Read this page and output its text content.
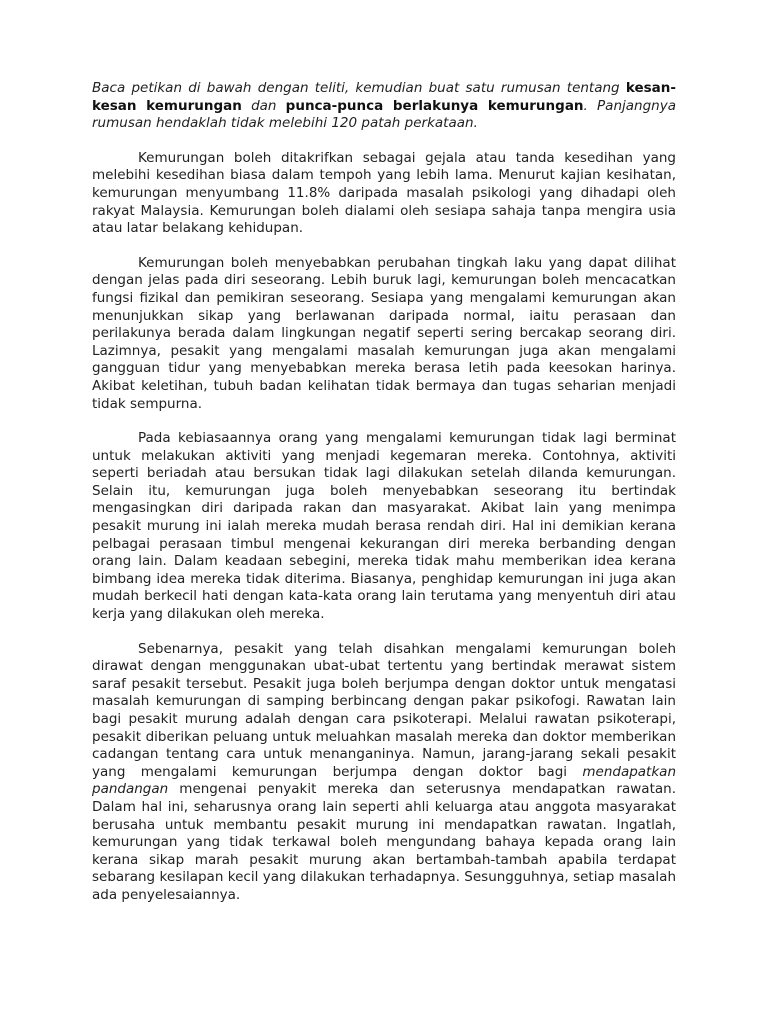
Baca petikan di bawah dengan teliti, kemudian buat satu rumusan tentang kesan-kesan kemurungan dan punca-punca berlakunya kemurungan. Panjangnya rumusan hendaklah tidak melebihi 120 patah perkataan.

Kemurungan boleh ditakrifkan sebagai gejala atau tanda kesedihan yang melebihi kesedihan biasa dalam tempoh yang lebih lama. Menurut kajian kesihatan, kemurungan menyumbang 11.8% daripada masalah psikologi yang dihadapi oleh rakyat Malaysia. Kemurungan boleh dialami oleh sesiapa sahaja tanpa mengira usia atau latar belakang kehidupan.

Kemurungan boleh menyebabkan perubahan tingkah laku yang dapat dilihat dengan jelas pada diri seseorang. Lebih buruk lagi, kemurungan boleh mencacatkan fungsi fizikal dan pemikiran seseorang. Sesiapa yang mengalami kemurungan akan menunjukkan sikap yang berlawanan daripada normal, iaitu perasaan dan perilakunya berada dalam lingkungan negatif seperti sering bercakap seorang diri. Lazimnya, pesakit yang mengalami masalah kemurungan juga akan mengalami gangguan tidur yang menyebabkan mereka berasa letih pada keesokan harinya. Akibat keletihan, tubuh badan kelihatan tidak bermaya dan tugas seharian menjadi tidak sempurna.

Pada kebiasaannya orang yang mengalami kemurungan tidak lagi berminat untuk melakukan aktiviti yang menjadi kegemaran mereka. Contohnya, aktiviti seperti beriadah atau bersukan tidak lagi dilakukan setelah dilanda kemurungan. Selain itu, kemurungan juga boleh menyebabkan seseorang itu bertindak mengasingkan diri daripada rakan dan masyarakat. Akibat lain yang menimpa pesakit murung ini ialah mereka mudah berasa rendah diri. Hal ini demikian kerana pelbagai perasaan timbul mengenai kekurangan diri mereka berbanding dengan orang lain. Dalam keadaan sebegini, mereka tidak mahu memberikan idea kerana bimbang idea mereka tidak diterima. Biasanya, penghidap kemurungan ini juga akan mudah berkecil hati dengan kata-kata orang lain terutama yang menyentuh diri atau kerja yang dilakukan oleh mereka.

Sebenarnya, pesakit yang telah disahkan mengalami kemurungan boleh dirawat dengan menggunakan ubat-ubat tertentu yang bertindak merawat sistem saraf pesakit tersebut. Pesakit juga boleh berjumpa dengan doktor untuk mengatasi masalah kemurungan di samping berbincang dengan pakar psikofogi. Rawatan lain bagi pesakit murung adalah dengan cara psikoterapi. Melalui rawatan psikoterapi, pesakit diberikan peluang untuk meluahkan masalah mereka dan doktor memberikan cadangan tentang cara untuk menanganinya. Namun, jarang-jarang sekali pesakit yang mengalami kemurungan berjumpa dengan doktor bagi mendapatkan pandangan mengenai penyakit mereka dan seterusnya mendapatkan rawatan. Dalam hal ini, seharusnya orang lain seperti ahli keluarga atau anggota masyarakat berusaha untuk membantu pesakit murung ini mendapatkan rawatan. Ingatlah, kemurungan yang tidak terkawal boleh mengundang bahaya kepada orang lain kerana sikap marah pesakit murung akan bertambah-tambah apabila terdapat sebarang kesilapan kecil yang dilakukan terhadapnya. Sesungguhnya, setiap masalah ada penyelesaiannya.
